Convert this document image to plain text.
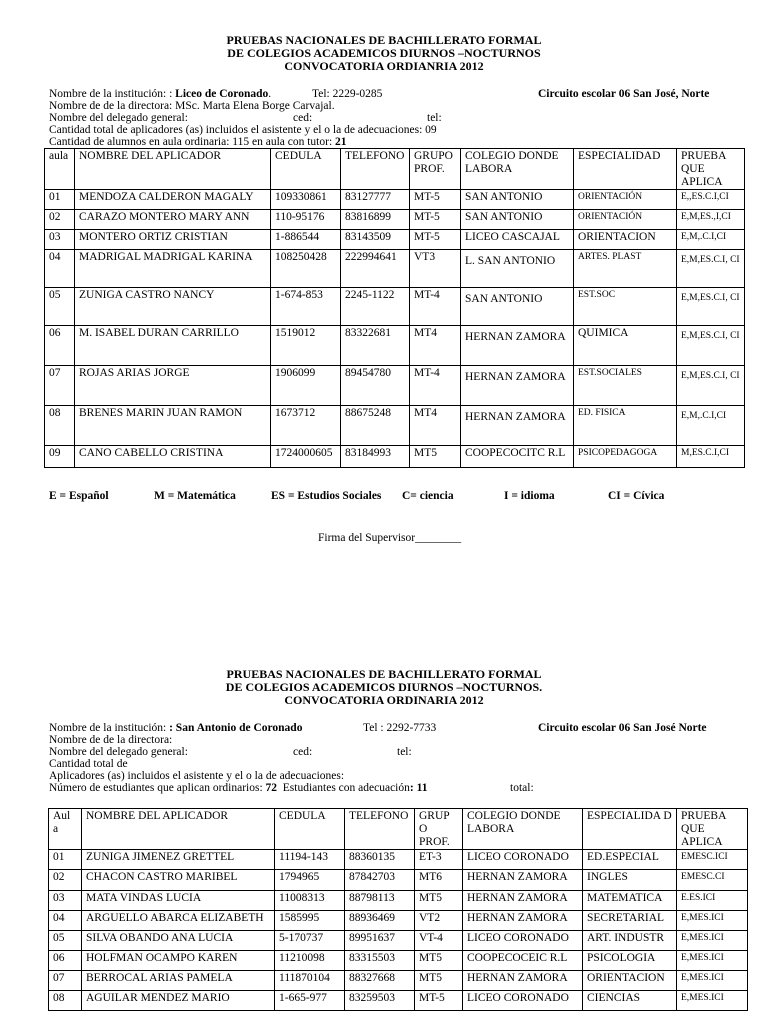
PRUEBAS NACIONALES DE BACHILLERATO FORMAL
DE COLEGIOS ACADEMICOS DIURNOS –NOCTURNOS
CONVOCATORIA ORDIANRIA 2012
Nombre de la institución: : Liceo de Coronado.	Tel: 2229-0285	Circuito escolar 06 San José, Norte
Nombre de de la directora: MSc. Marta Elena Borge Carvajal.
Nombre del delegado general:	ced:	tel:
Cantidad total de aplicadores (as) incluidos el asistente y el o la de adecuaciones: 09
Cantidad de alumnos en aula ordinaria: 115 en aula con tutor: 21
aula	NOMBRE DEL APLICADOR	CEDULA	TELEFONO	GRUPO PROF.	COLEGIO DONDE LABORA	ESPECIALIDAD	PRUEBA QUE APLICA
01	MENDOZA CALDERON MAGALY	109330861	83127777	MT-5	SAN ANTONIO	ORIENTACIÓN	E,,ES.C.I,CI
02	CARAZO MONTERO MARY ANN	110-95176	83816899	MT-5	SAN ANTONIO	ORIENTACIÓN	E,M,ES.,I,CI
03	MONTERO ORTIZ CRISTIAN	1-886544	83143509	MT-5	LICEO CASCAJAL	ORIENTACION	E,M,.C.I,CI
04	MADRIGAL MADRIGAL KARINA	108250428	222994641	VT3	L. SAN ANTONIO	ARTES. PLAST	E,M,ES.C.I, CI
05	ZUNIGA CASTRO NANCY	1-674-853	2245-1122	MT-4	SAN ANTONIO	EST.SOC	E,M,ES.C.I, CI
06	M. ISABEL DURAN CARRILLO	1519012	83322681	MT4	HERNAN ZAMORA	QUIMICA	E,M,ES.C.I, CI
07	ROJAS ARIAS JORGE	1906099	89454780	MT-4	HERNAN ZAMORA	EST.SOCIALES	E,M,ES.C.I, CI
08	BRENES MARIN JUAN RAMON	1673712	88675248	MT4	HERNAN ZAMORA	ED. FISICA	E,M,.C.I,CI
09	CANO CABELLO CRISTINA	1724000605	83184993	MT5	COOPECOCITC R.L	PSICOPEDAGOGA	M,ES.C.I,CI
E = Español	M = Matemática	ES = Estudios Sociales C= ciencia	I = idioma	CI = Cívica
Firma del Supervisor________
PRUEBAS NACIONALES DE BACHILLERATO FORMAL
DE COLEGIOS ACADEMICOS DIURNOS –NOCTURNOS.
CONVOCATORIA ORDINARIA 2012
Nombre de la institución: : San Antonio de Coronado	Tel : 2292-7733	Circuito escolar 06 San José Norte
Nombre de de la directora:
Nombre del delegado general:	ced:	tel:
Cantidad total de
Aplicadores (as) incluidos el asistente y el o la de adecuaciones:
Número de estudiantes que aplican ordinarios: 72 Estudiantes con adecuación: 11	total:
Aul a	NOMBRE DEL APLICADOR	CEDULA	TELEFONO	GRUP O PROF.	COLEGIO DONDE LABORA	ESPECIALIDA D	PRUEBA QUE APLICA
01	ZUNIGA JIMENEZ GRETTEL	11194-143	88360135	ET-3	LICEO CORONADO	ED.ESPECIAL	EMESC.ICI
02	CHACON CASTRO MARIBEL	1794965	87842703	MT6	HERNAN ZAMORA	INGLES	EMESC.CI
03	MATA VINDAS LUCIA	11008313	88798113	MT5	HERNAN ZAMORA	MATEMATICA	E.ES.ICI
04	ARGUELLO ABARCA ELIZABETH	1585995	88936469	VT2	HERNAN ZAMORA	SECRETARIAL	E,MES.ICI
05	SILVA OBANDO ANA LUCIA	5-170737	89951637	VT-4	LICEO CORONADO	ART. INDUSTR	E,MES.ICI
06	HOLFMAN OCAMPO KAREN	11210098	83315503	MT5	COOPECOCEIC R.L	PSICOLOGIA	E,MES.ICI
07	BERROCAL ARIAS PAMELA	111870104	88327668	MT5	HERNAN ZAMORA	ORIENTACION	E,MES.ICI
08	AGUILAR MENDEZ MARIO	1-665-977	83259503	MT-5	LICEO CORONADO	CIENCIAS	E,MES.ICI
